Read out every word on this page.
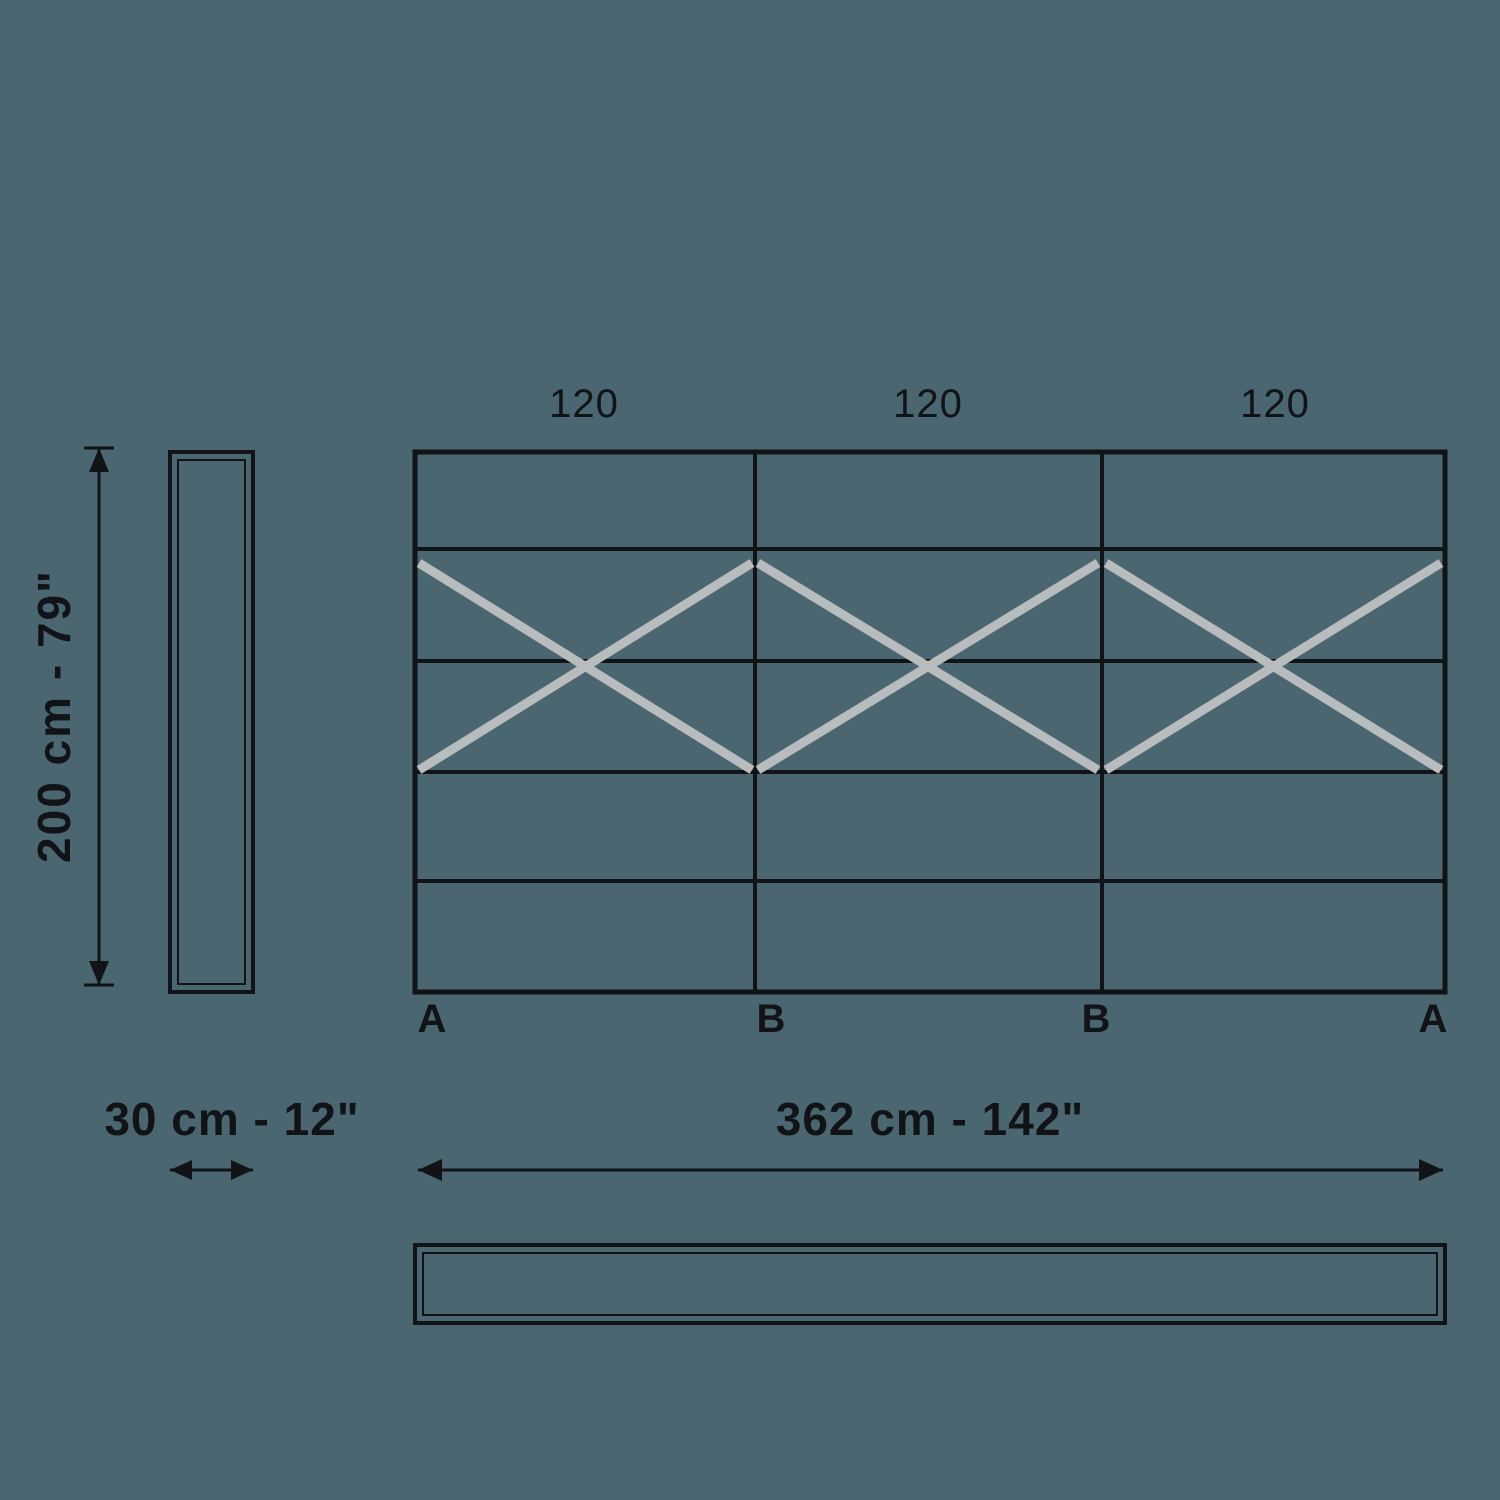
200 cm - 79"
30 cm - 12"
120	120	120
A	B	B	A
362 cm - 142"
